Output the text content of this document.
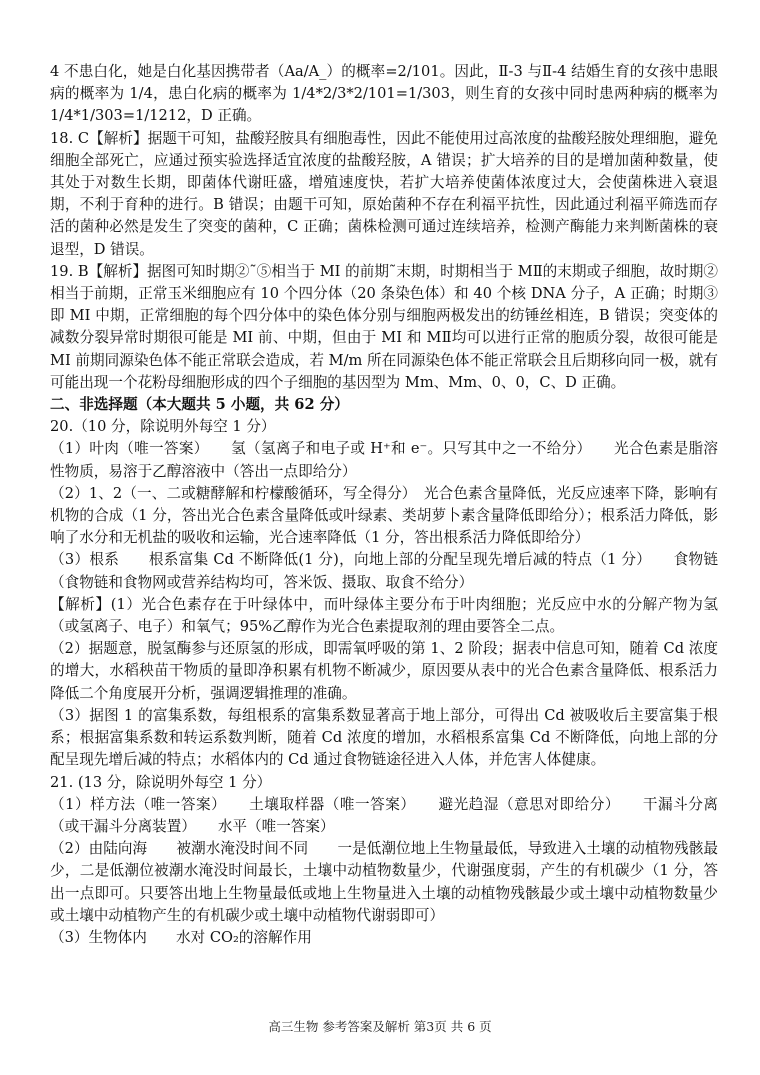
4 不患白化，她是白化基因携带者（Aa/A_）的概率=2/101。因此，Ⅱ-3 与Ⅱ-4 结婚生育的女孩中患眼病的概率为 1/4，患白化病的概率为 1/4*2/3*2/101=1/303，则生育的女孩中同时患两种病的概率为 1/4*1/303=1/1212，D 正确。

18. C【解析】据题干可知，盐酸羟胺具有细胞毒性，因此不能使用过高浓度的盐酸羟胺处理细胞，避免细胞全部死亡，应通过预实验选择适宜浓度的盐酸羟胺，A 错误；扩大培养的目的是增加菌种数量，使其处于对数生长期，即菌体代谢旺盛，增殖速度快，若扩大培养使菌体浓度过大，会使菌株进入衰退期，不利于育种的进行。B 错误；由题干可知，原始菌种不存在利福平抗性，因此通过利福平筛选而存活的菌种必然是发生了突变的菌种，C 正确；菌株检测可通过连续培养，检测产酶能力来判断菌株的衰退型，D 错误。

19. B【解析】据图可知时期②˜⑤相当于 MI 的前期˜末期，时期相当于 MⅡ的末期或子细胞，故时期②相当于前期，正常玉米细胞应有 10 个四分体（20 条染色体）和 40 个核 DNA 分子，A 正确；时期③即 MI 中期，正常细胞的每个四分体中的染色体分别与细胞两极发出的纺锤丝相连，B 错误；突变体的减数分裂异常时期很可能是 MI 前、中期，但由于 MI 和 MⅡ均可以进行正常的胞质分裂，故很可能是 MI 前期同源染色体不能正常联会造成，若 M/m 所在同源染色体不能正常联会且后期移向同一极，就有可能出现一个花粉母细胞形成的四个子细胞的基因型为 Mm、Mm、0、0，C、D 正确。

二、非选择题（本大题共 5 小题，共 62 分）

20.（10 分，除说明外每空 1 分）

（1）叶肉（唯一答案）　　氢（氢离子和电子或 H⁺和 e⁻。只写其中之一不给分）　　光合色素是脂溶性物质，易溶于乙醇溶液中（答出一点即给分）

（2）1、2（一、二或糖酵解和柠檬酸循环，写全得分）　光合色素含量降低，光反应速率下降，影响有机物的合成（1 分，答出光合色素含量降低或叶绿素、类胡萝卜素含量降低即给分）；根系活力降低，影响了水分和无机盐的吸收和运输，光合速率降低（1 分，答出根系活力降低即给分）

（3）根系　　根系富集 Cd 不断降低(1 分)，向地上部的分配呈现先增后减的特点（1 分）　　食物链（食物链和食物网或营养结构均可，答米饭、摄取、取食不给分）

【解析】(1）光合色素存在于叶绿体中，而叶绿体主要分布于叶肉细胞；光反应中水的分解产物为氢（或氢离子、电子）和氧气；95%乙醇作为光合色素提取剂的理由要答全二点。

（2）据题意，脱氢酶参与还原氢的形成，即需氧呼吸的第 1、2 阶段；据表中信息可知，随着 Cd 浓度的增大，水稻秧苗干物质的量即净积累有机物不断减少，原因要从表中的光合色素含量降低、根系活力降低二个角度展开分析，强调逻辑推理的准确。

（3）据图 1 的富集系数，每组根系的富集系数显著高于地上部分，可得出 Cd 被吸收后主要富集于根系；根据富集系数和转运系数判断，随着 Cd 浓度的增加，水稻根系富集 Cd 不断降低，向地上部的分配呈现先增后减的特点；水稻体内的 Cd 通过食物链途径进入人体，并危害人体健康。

21. (13 分，除说明外每空 1 分）

（1）样方法（唯一答案）　　土壤取样器（唯一答案）　　避光趋湿（意思对即给分）　　干漏斗分离（或干漏斗分离装置）　　水平（唯一答案）

（2）由陆向海　　被潮水淹没时间不同　　一是低潮位地上生物量最低，导致进入土壤的动植物残骸最少，二是低潮位被潮水淹没时间最长，土壤中动植物数量少，代谢强度弱，产生的有机碳少（1 分，答出一点即可。只要答出地上生物量最低或地上生物量进入土壤的动植物残骸最少或土壤中动植物数量少或土壤中动植物产生的有机碳少或土壤中动植物代谢弱即可）

（3）生物体内　　水对 CO₂的溶解作用

高三生物 参考答案及解析 第3页 共 6 页
